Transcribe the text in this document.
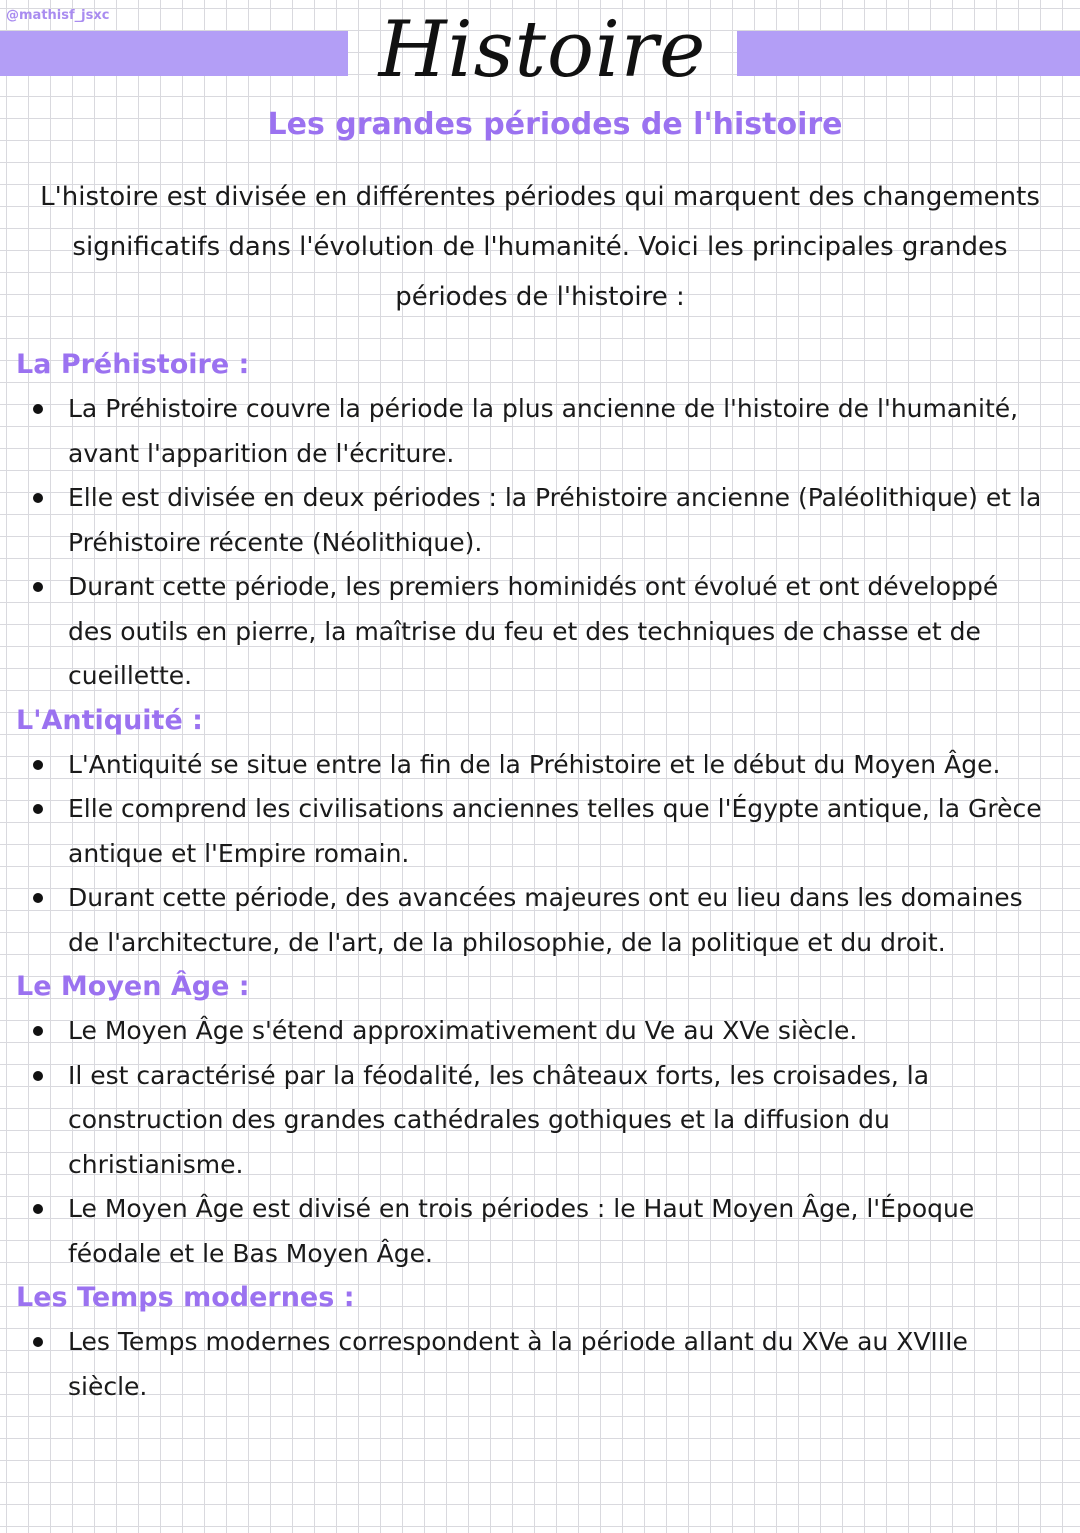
@mathisf_jsxc	Histoire
Les grandes périodes de l'histoire
L'histoire est divisée en différentes périodes qui marquent des changements significatifs dans l'évolution de l'humanité. Voici les principales grandes périodes de l'histoire :
La Préhistoire :
La Préhistoire couvre la période la plus ancienne de l'histoire de l'humanité, avant l'apparition de l'écriture.
Elle est divisée en deux périodes : la Préhistoire ancienne (Paléolithique) et la Préhistoire récente (Néolithique).
Durant cette période, les premiers hominidés ont évolué et ont développé des outils en pierre, la maîtrise du feu et des techniques de chasse et de cueillette.
L'Antiquité :
L'Antiquité se situe entre la fin de la Préhistoire et le début du Moyen Âge.
Elle comprend les civilisations anciennes telles que l'Égypte antique, la Grèce antique et l'Empire romain.
Durant cette période, des avancées majeures ont eu lieu dans les domaines de l'architecture, de l'art, de la philosophie, de la politique et du droit.
Le Moyen Âge :
Le Moyen Âge s'étend approximativement du Ve au XVe siècle.
Il est caractérisé par la féodalité, les châteaux forts, les croisades, la construction des grandes cathédrales gothiques et la diffusion du christianisme.
Le Moyen Âge est divisé en trois périodes : le Haut Moyen Âge, l'Époque féodale et le Bas Moyen Âge.
Les Temps modernes :
Les Temps modernes correspondent à la période allant du XVe au XVIIIe siècle.
